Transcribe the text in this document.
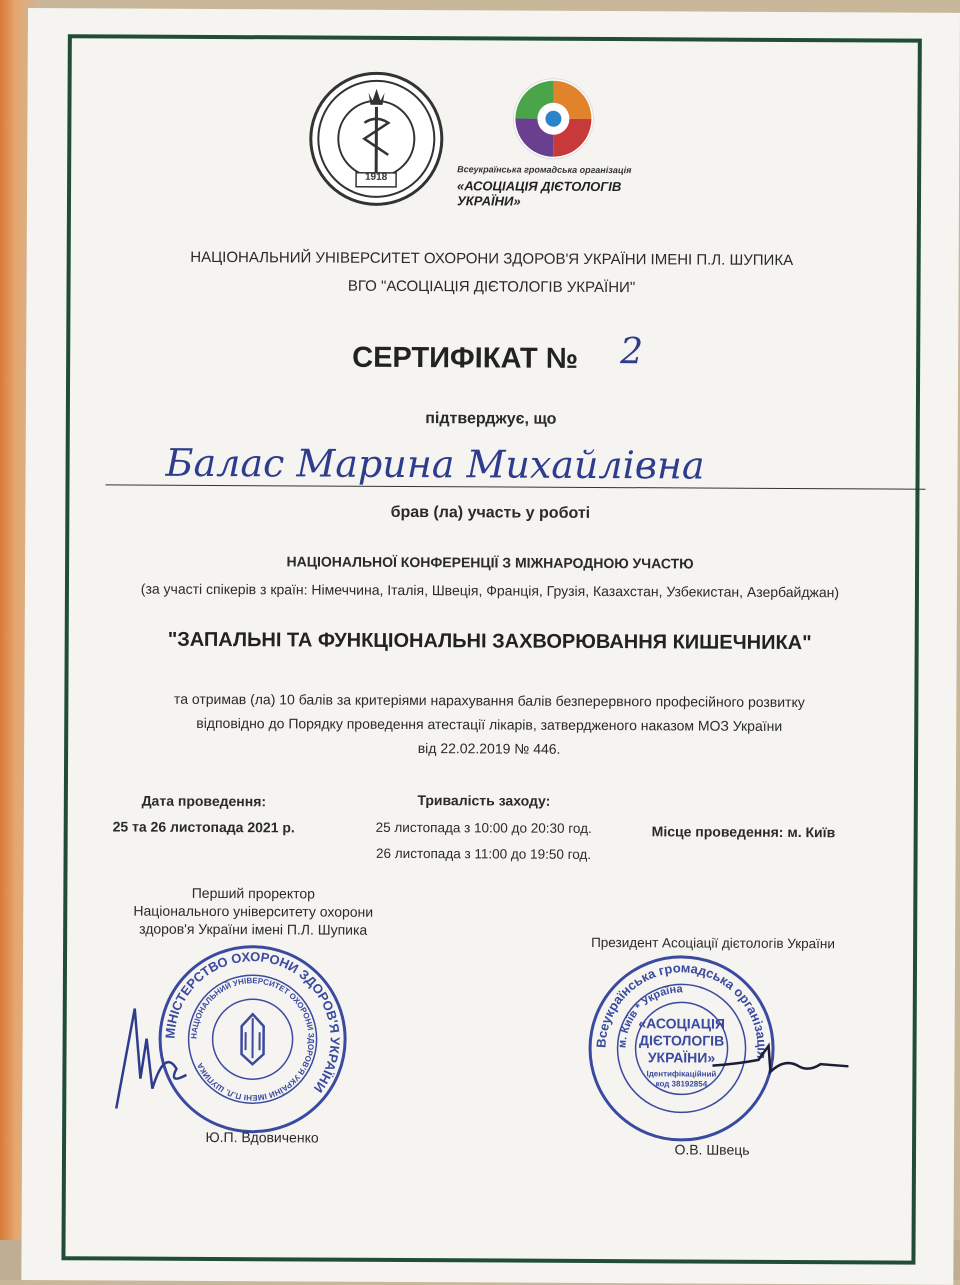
1918
Всеукраїнська громадська організація
«АСОЦІАЦІЯ ДІЄТОЛОГІВ УКРАЇНИ»
НАЦІОНАЛЬНИЙ УНІВЕРСИТЕТ ОХОРОНИ ЗДОРОВ'Я УКРАЇНИ ІМЕНІ П.Л. ШУПИКА
ВГО "АСОЦІАЦІЯ ДІЄТОЛОГІВ УКРАЇНИ"
СЕРТИФІКАТ № 2
підтверджує, що
Балас Марина Михайлівна
брав (ла) участь у роботі
НАЦІОНАЛЬНОЇ КОНФЕРЕНЦІЇ З МІЖНАРОДНОЮ УЧАСТЮ
(за участі спікерів з країн: Німеччина, Італія, Швеція, Франція, Грузія, Казахстан, Узбекистан, Азербайджан)
"ЗАПАЛЬНІ ТА ФУНКЦІОНАЛЬНІ ЗАХВОРЮВАННЯ КИШЕЧНИКА"
та отримав (ла) 10 балів за критеріями нарахування балів безперервного професійного розвитку
відповідно до Порядку проведення атестації лікарів, затвердженого наказом МОЗ України
від 22.02.2019 № 446.
Дата проведення:
25 та 26 листопада 2021 р.
Тривалість заходу:
25 листопада з 10:00 до 20:30 год.
26 листопада з 11:00 до 19:50 год.
Місце проведення: м. Київ
Перший проректор
Національного університету охорони
здоров'я України імені П.Л. Шупика
МІНІСТЕРСТВО ОХОРОНИ ЗДОРОВ'Я УКРАЇНИ
НАЦІОНАЛЬНИЙ УНІВЕРСИТЕТ ОХОРОНИ ЗДОРОВ'Я УКРАЇНИ ІМЕНІ П.Л. ШУПИКА
Ю.П. Вдовиченко
Президент Асоціації дієтологів України
Всеукраїнська громадська організація
м. Київ * Україна
«АСОЦІАЦІЯ
ДІЄТОЛОГІВ
УКРАЇНИ»
Ідентифікаційний
код 38192854
О.В. Швець
